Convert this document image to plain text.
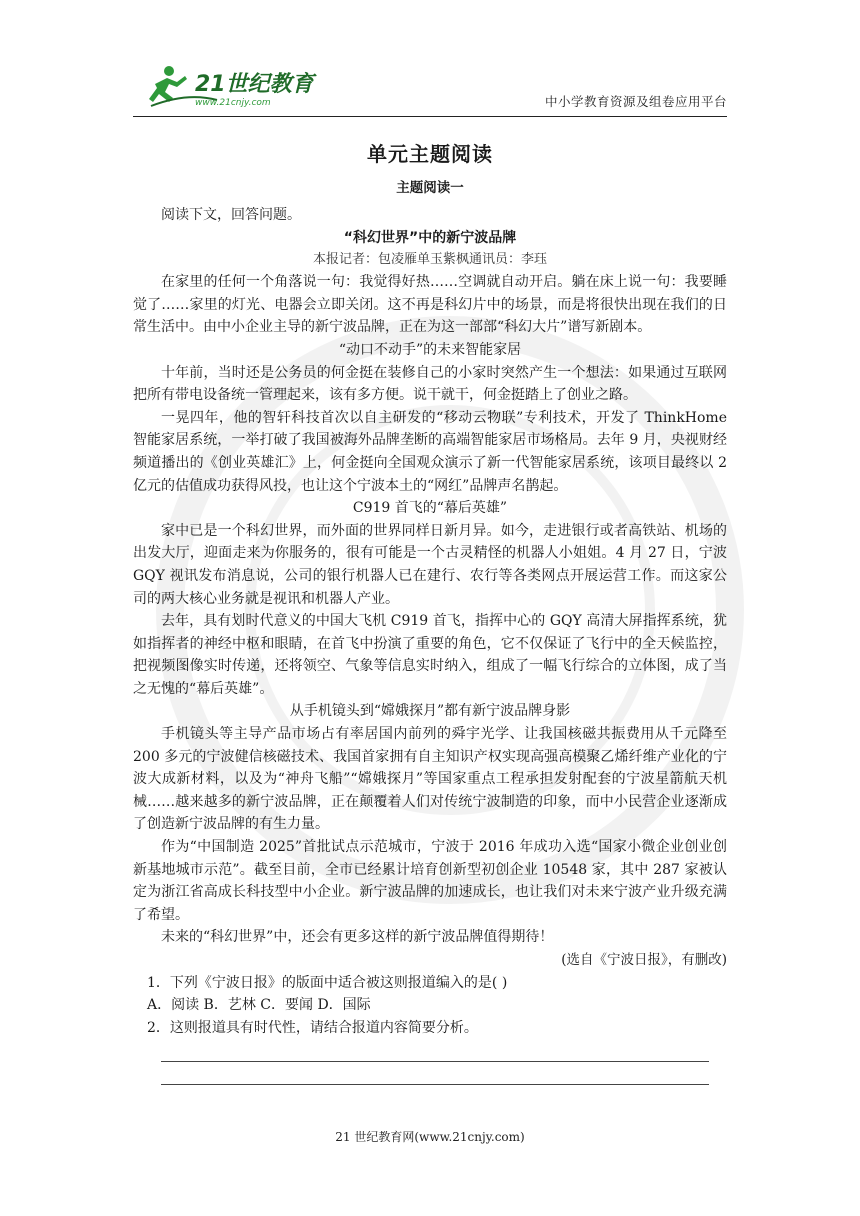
21世纪教育
www.21cnjy.com	中小学教育资源及组卷应用平台
单元主题阅读
主题阅读一

阅读下文，回答问题。

“科幻世界”中的新宁波品牌
本报记者：包凌雁单玉紫枫通讯员：李珏

在家里的任何一个角落说一句：我觉得好热……空调就自动开启。躺在床上说一句：我要睡觉了……家里的灯光、电器会立即关闭。这不再是科幻片中的场景，而是将很快出现在我们的日常生活中。由中小企业主导的新宁波品牌，正在为这一部部“科幻大片”谱写新剧本。

“动口不动手”的未来智能家居

十年前，当时还是公务员的何金挺在装修自己的小家时突然产生一个想法：如果通过互联网把所有带电设备统一管理起来，该有多方便。说干就干，何金挺踏上了创业之路。

一晃四年，他的智轩科技首次以自主研发的“移动云物联”专利技术，开发了 ThinkHome 智能家居系统，一举打破了我国被海外品牌垄断的高端智能家居市场格局。去年 9 月，央视财经频道播出的《创业英雄汇》上，何金挺向全国观众演示了新一代智能家居系统，该项目最终以 2 亿元的估值成功获得风投，也让这个宁波本土的“网红”品牌声名鹊起。

C919 首飞的“幕后英雄”

家中已是一个科幻世界，而外面的世界同样日新月异。如今，走进银行或者高铁站、机场的出发大厅，迎面走来为你服务的，很有可能是一个古灵精怪的机器人小姐姐。4 月 27 日，宁波 GQY 视讯发布消息说，公司的银行机器人已在建行、农行等各类网点开展运营工作。而这家公司的两大核心业务就是视讯和机器人产业。

去年，具有划时代意义的中国大飞机 C919 首飞，指挥中心的 GQY 高清大屏指挥系统，犹如指挥者的神经中枢和眼睛，在首飞中扮演了重要的角色，它不仅保证了飞行中的全天候监控，把视频图像实时传递，还将领空、气象等信息实时纳入，组成了一幅飞行综合的立体图，成了当之无愧的“幕后英雄”。

从手机镜头到“嫦娥探月”都有新宁波品牌身影

手机镜头等主导产品市场占有率居国内前列的舜宇光学、让我国核磁共振费用从千元降至 200 多元的宁波健信核磁技术、我国首家拥有自主知识产权实现高强高模聚乙烯纤维产业化的宁波大成新材料，以及为“神舟飞船”“嫦娥探月”等国家重点工程承担发射配套的宁波星箭航天机械……越来越多的新宁波品牌，正在颠覆着人们对传统宁波制造的印象，而中小民营企业逐渐成了创造新宁波品牌的有生力量。

作为“中国制造 2025”首批试点示范城市，宁波于 2016 年成功入选“国家小微企业创业创新基地城市示范”。截至目前，全市已经累计培育创新型初创企业 10548 家，其中 287 家被认定为浙江省高成长科技型中小企业。新宁波品牌的加速成长，也让我们对未来宁波产业升级充满了希望。

未来的“科幻世界”中，还会有更多这样的新宁波品牌值得期待！

(选自《宁波日报》，有删改)

1．下列《宁波日报》的版面中适合被这则报道编入的是( )

A．阅读 B．艺林 C．要闻 D．国际

2．这则报道具有时代性，请结合报道内容简要分析。

21 世纪教育网(www.21cnjy.com)
